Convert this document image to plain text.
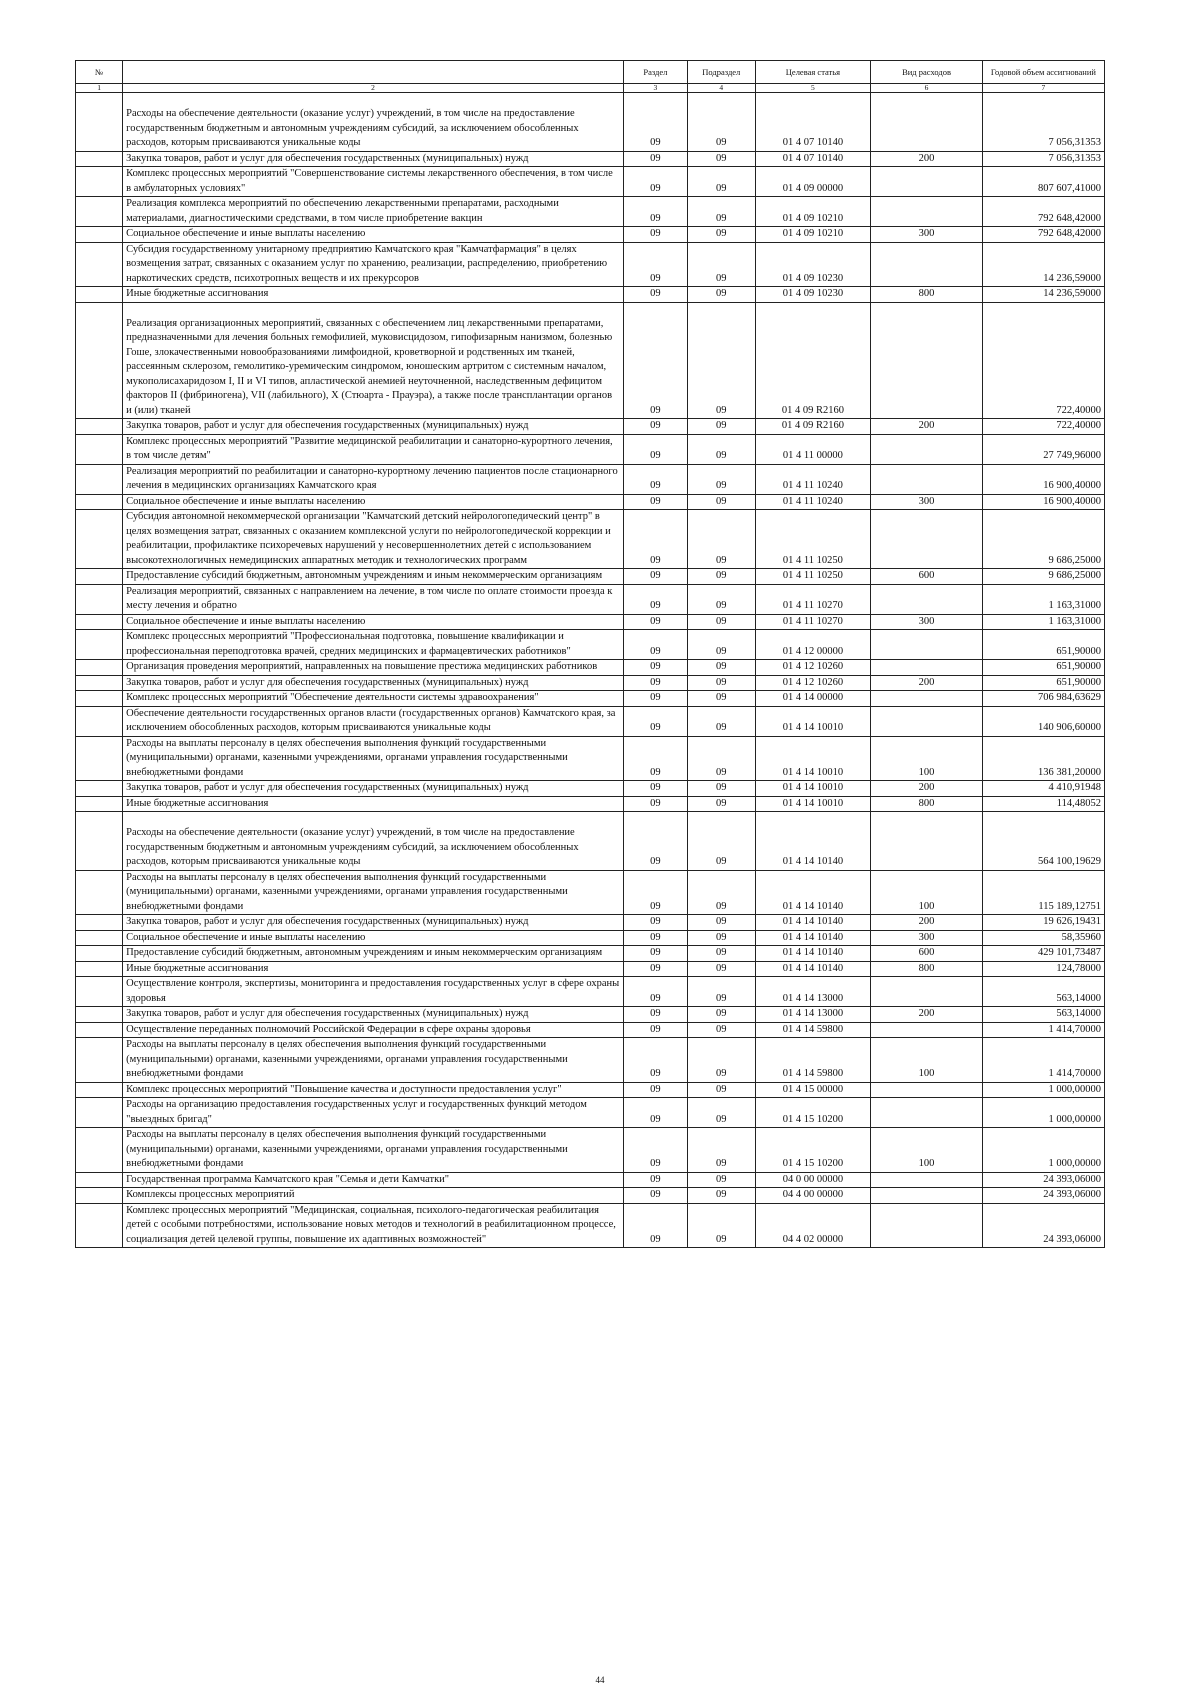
№		Раздел	Подраздел	Целевая статья	Вид расходов	Годовой объем ассигнований
1	2	3	4	5	6	7
	Расходы на обеспечение деятельности (оказание услуг) учреждений, в том числе на предоставление государственным бюджетным и автономным учреждениям субсидий, за исключением обособленных расходов, которым присваиваются уникальные коды	09	09	01 4 07 10140		7 056,31353
	Закупка товаров, работ и услуг для обеспечения государственных (муниципальных) нужд	09	09	01 4 07 10140	200	7 056,31353
	Комплекс процессных мероприятий "Совершенствование системы лекарственного обеспечения, в том числе в амбулаторных условиях"	09	09	01 4 09 00000		807 607,41000
	Реализация комплекса мероприятий по обеспечению лекарственными препаратами, расходными материалами, диагностическими средствами, в том числе приобретение вакцин	09	09	01 4 09 10210		792 648,42000
	Социальное обеспечение и иные выплаты населению	09	09	01 4 09 10210	300	792 648,42000
	Субсидия государственному унитарному предприятию Камчатского края "Камчатфармация" в целях возмещения затрат, связанных с оказанием услуг по хранению, реализации, распределению, приобретению наркотических средств, психотропных веществ и их прекурсоров	09	09	01 4 09 10230		14 236,59000
	Иные бюджетные ассигнования	09	09	01 4 09 10230	800	14 236,59000
	Реализация организационных мероприятий, связанных с обеспечением лиц лекарственными препаратами, предназначенными для лечения больных гемофилией, муковисцидозом, гипофизарным нанизмом, болезнью Гоше, злокачественными новообразованиями лимфоидной, кроветворной и родственных им тканей, рассеянным склерозом, гемолитико-уремическим синдромом, юношеским артритом с системным началом, мукополисахаридозом I, II и VI типов, апластической анемией неуточненной, наследственным дефицитом факторов II (фибриногена), VII (лабильного), X (Стюарта - Прауэра), а также после трансплантации органов и (или) тканей	09	09	01 4 09 R2160		722,40000
	Закупка товаров, работ и услуг для обеспечения государственных (муниципальных) нужд	09	09	01 4 09 R2160	200	722,40000
	Комплекс процессных мероприятий "Развитие медицинской реабилитации и санаторно-курортного лечения, в том числе детям"	09	09	01 4 11 00000		27 749,96000
	Реализация мероприятий по реабилитации и санаторно-курортному лечению пациентов после стационарного лечения в медицинских организациях Камчатского края	09	09	01 4 11 10240		16 900,40000
	Социальное обеспечение и иные выплаты населению	09	09	01 4 11 10240	300	16 900,40000
	Субсидия автономной некоммерческой организации "Камчатский детский нейрологопедический центр" в целях возмещения затрат, связанных с оказанием комплексной услуги по нейрологопедической коррекции и реабилитации, профилактике психоречевых нарушений у несовершеннолетних детей с использованием высокотехнологичных немедицинских аппаратных методик и технологических программ	09	09	01 4 11 10250		9 686,25000
	Предоставление субсидий бюджетным, автономным учреждениям и иным некоммерческим организациям	09	09	01 4 11 10250	600	9 686,25000
	Реализация мероприятий, связанных с направлением на лечение, в том числе по оплате стоимости проезда к месту лечения и обратно	09	09	01 4 11 10270		1 163,31000
	Социальное обеспечение и иные выплаты населению	09	09	01 4 11 10270	300	1 163,31000
	Комплекс процессных мероприятий "Профессиональная подготовка, повышение квалификации и профессиональная переподготовка врачей, средних медицинских и фармацевтических работников"	09	09	01 4 12 00000		651,90000
	Организация проведения мероприятий, направленных на повышение престижа медицинских работников	09	09	01 4 12 10260		651,90000
	Закупка товаров, работ и услуг для обеспечения государственных (муниципальных) нужд	09	09	01 4 12 10260	200	651,90000
	Комплекс процессных мероприятий "Обеспечение деятельности системы здравоохранения"	09	09	01 4 14 00000		706 984,63629
	Обеспечение деятельности государственных органов власти (государственных органов) Камчатского края, за исключением обособленных расходов, которым присваиваются уникальные коды	09	09	01 4 14 10010		140 906,60000
	Расходы на выплаты персоналу в целях обеспечения выполнения функций государственными (муниципальными) органами, казенными учреждениями, органами управления государственными внебюджетными фондами	09	09	01 4 14 10010	100	136 381,20000
	Закупка товаров, работ и услуг для обеспечения государственных (муниципальных) нужд	09	09	01 4 14 10010	200	4 410,91948
	Иные бюджетные ассигнования	09	09	01 4 14 10010	800	114,48052
	Расходы на обеспечение деятельности (оказание услуг) учреждений, в том числе на предоставление государственным бюджетным и автономным учреждениям субсидий, за исключением обособленных расходов, которым присваиваются уникальные коды	09	09	01 4 14 10140		564 100,19629
	Расходы на выплаты персоналу в целях обеспечения выполнения функций государственными (муниципальными) органами, казенными учреждениями, органами управления государственными внебюджетными фондами	09	09	01 4 14 10140	100	115 189,12751
	Закупка товаров, работ и услуг для обеспечения государственных (муниципальных) нужд	09	09	01 4 14 10140	200	19 626,19431
	Социальное обеспечение и иные выплаты населению	09	09	01 4 14 10140	300	58,35960
	Предоставление субсидий бюджетным, автономным учреждениям и иным некоммерческим организациям	09	09	01 4 14 10140	600	429 101,73487
	Иные бюджетные ассигнования	09	09	01 4 14 10140	800	124,78000
	Осуществление контроля, экспертизы, мониторинга и предоставления государственных услуг в сфере охраны здоровья	09	09	01 4 14 13000		563,14000
	Закупка товаров, работ и услуг для обеспечения государственных (муниципальных) нужд	09	09	01 4 14 13000	200	563,14000
	Осуществление переданных полномочий Российской Федерации в сфере охраны здоровья	09	09	01 4 14 59800		1 414,70000
	Расходы на выплаты персоналу в целях обеспечения выполнения функций государственными (муниципальными) органами, казенными учреждениями, органами управления государственными внебюджетными фондами	09	09	01 4 14 59800	100	1 414,70000
	Комплекс процессных мероприятий "Повышение качества и доступности предоставления услуг"	09	09	01 4 15 00000		1 000,00000
	Расходы на организацию предоставления государственных услуг и государственных функций методом "выездных бригад"	09	09	01 4 15 10200		1 000,00000
	Расходы на выплаты персоналу в целях обеспечения выполнения функций государственными (муниципальными) органами, казенными учреждениями, органами управления государственными внебюджетными фондами	09	09	01 4 15 10200	100	1 000,00000
	Государственная программа Камчатского края "Семья и дети Камчатки"	09	09	04 0 00 00000		24 393,06000
	Комплексы процессных мероприятий	09	09	04 4 00 00000		24 393,06000
	Комплекс процессных мероприятий "Медицинская, социальная, психолого-педагогическая реабилитация детей с особыми потребностями, использование новых методов и технологий в реабилитационном процессе, социализация детей целевой группы, повышение их адаптивных возможностей"	09	09	04 4 02 00000		24 393,06000
44
